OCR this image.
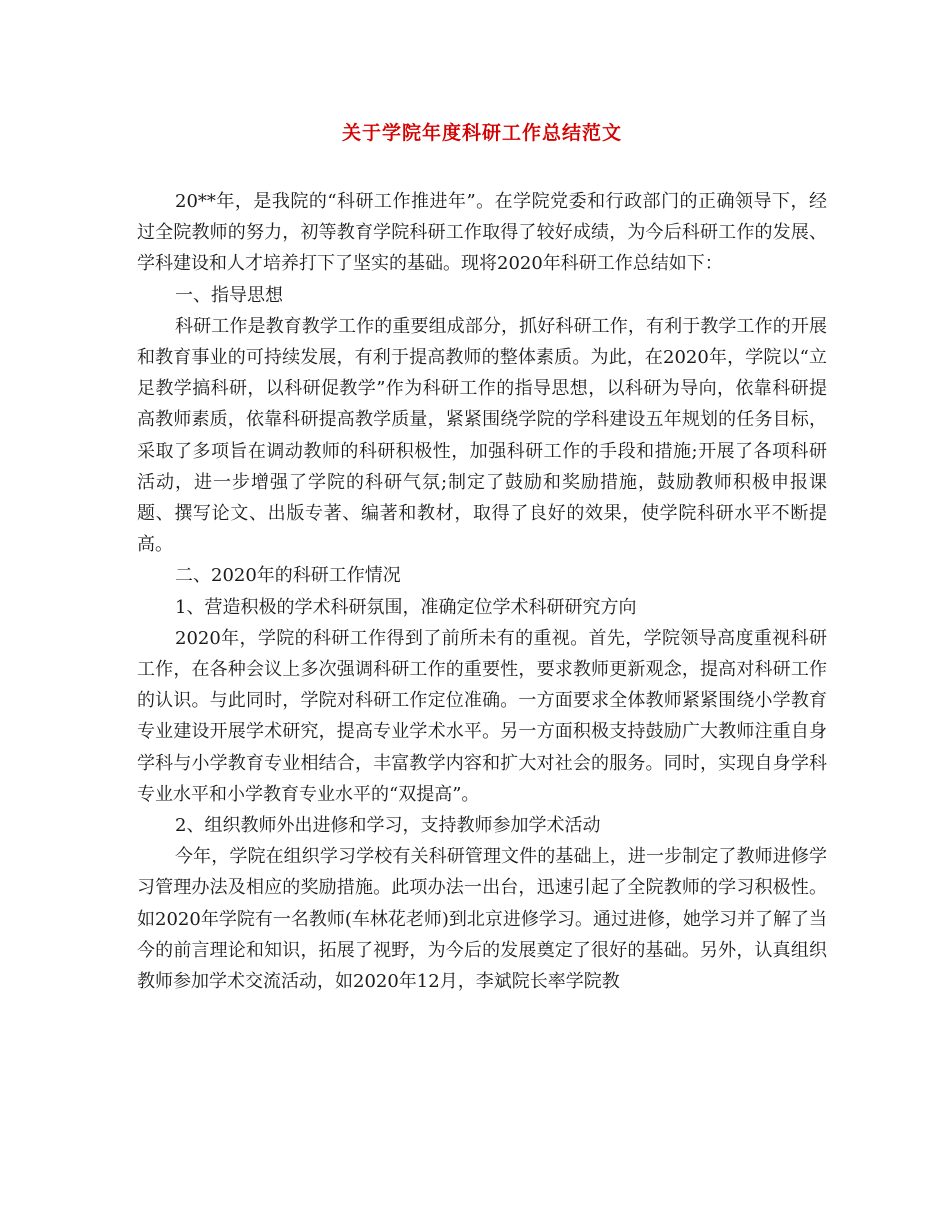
关于学院年度科研工作总结范文

20**年，是我院的“科研工作推进年”。在学院党委和行政部门的正确领导下，经过全院教师的努力，初等教育学院科研工作取得了较好成绩，为今后科研工作的发展、学科建设和人才培养打下了坚实的基础。现将2020年科研工作总结如下：

一、指导思想

科研工作是教育教学工作的重要组成部分，抓好科研工作，有利于教学工作的开展和教育事业的可持续发展，有利于提高教师的整体素质。为此，在2020年，学院以“立足教学搞科研，以科研促教学”作为科研工作的指导思想，以科研为导向，依靠科研提高教师素质，依靠科研提高教学质量，紧紧围绕学院的学科建设五年规划的任务目标，采取了多项旨在调动教师的科研积极性，加强科研工作的手段和措施;开展了各项科研活动，进一步增强了学院的科研气氛;制定了鼓励和奖励措施，鼓励教师积极申报课题、撰写论文、出版专著、编著和教材，取得了良好的效果，使学院科研水平不断提高。

二、2020年的科研工作情况

1、营造积极的学术科研氛围，准确定位学术科研研究方向

2020年，学院的科研工作得到了前所未有的重视。首先，学院领导高度重视科研工作，在各种会议上多次强调科研工作的重要性，要求教师更新观念，提高对科研工作的认识。与此同时，学院对科研工作定位准确。一方面要求全体教师紧紧围绕小学教育专业建设开展学术研究，提高专业学术水平。另一方面积极支持鼓励广大教师注重自身学科与小学教育专业相结合，丰富教学内容和扩大对社会的服务。同时，实现自身学科专业水平和小学教育专业水平的“双提高”。

2、组织教师外出进修和学习，支持教师参加学术活动

今年，学院在组织学习学校有关科研管理文件的基础上，进一步制定了教师进修学习管理办法及相应的奖励措施。此项办法一出台，迅速引起了全院教师的学习积极性。如2020年学院有一名教师(车林花老师)到北京进修学习。通过进修，她学习并了解了当今的前言理论和知识，拓展了视野，为今后的发展奠定了很好的基础。另外，认真组织教师参加学术交流活动，如2020年12月，李斌院长率学院教
